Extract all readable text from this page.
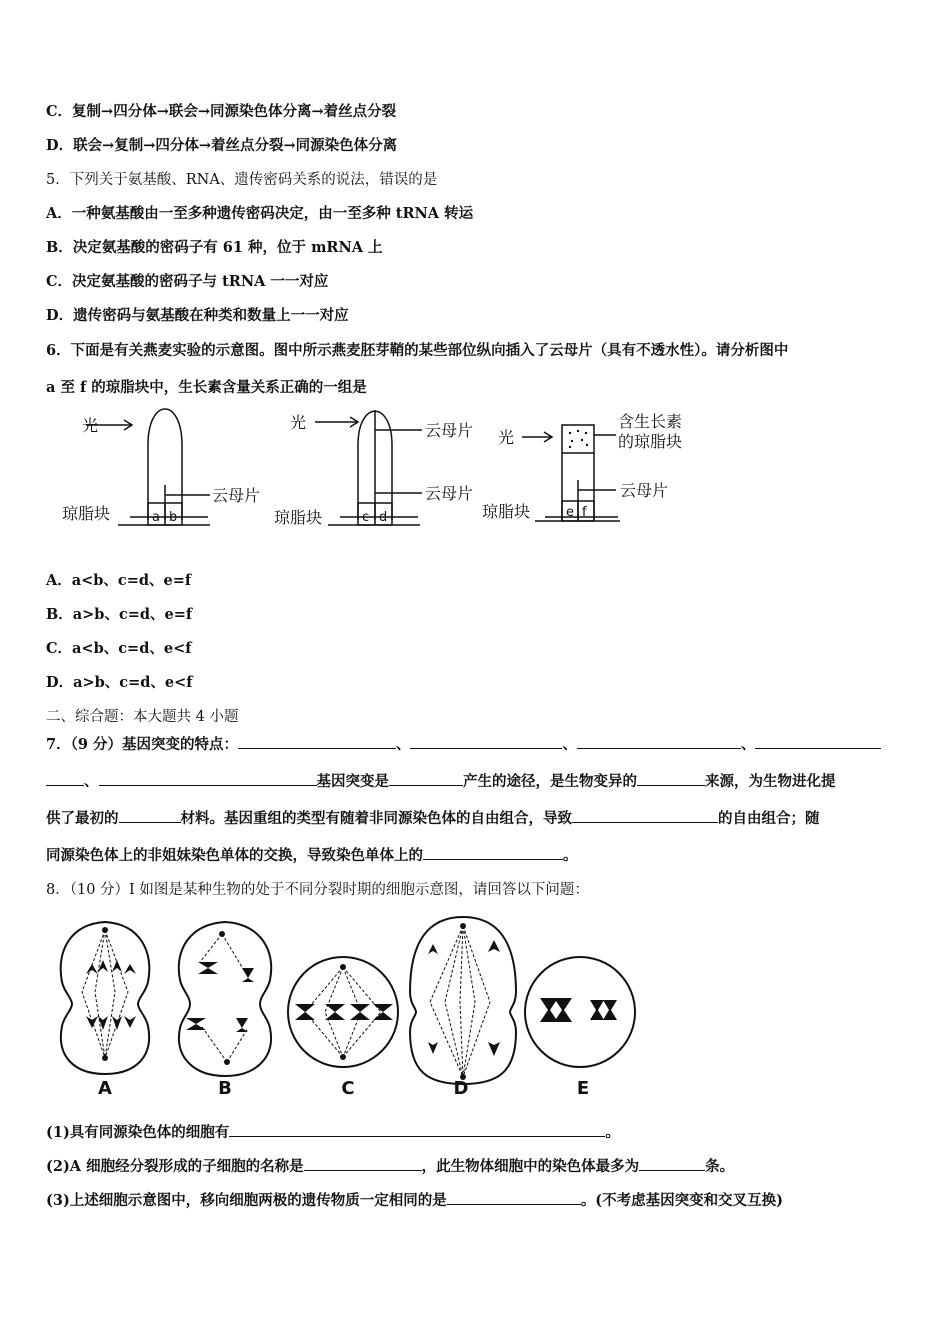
C．复制→四分体→联会→同源染色体分离→着丝点分裂
D．联会→复制→四分体→着丝点分裂→同源染色体分离
5．下列关于氨基酸、RNA、遗传密码关系的说法，错误的是
A．一种氨基酸由一至多种遗传密码决定，由一至多种 tRNA 转运
B．决定氨基酸的密码子有 61 种，位于 mRNA 上
C．决定氨基酸的密码子与 tRNA 一一对应
D．遗传密码与氨基酸在种类和数量上一一对应
6．下面是有关燕麦实验的示意图。图中所示燕麦胚芽鞘的某些部位纵向插入了云母片（具有不透水性）。请分析图中
a 至 f 的琼脂块中，生长素含量关系正确的一组是
光
云母片
琼脂块	a b
光	云母片
云母片
琼脂块	c d
光
含生长素
的琼脂块
云母片
琼脂块	e f
A．a<b、c=d、e=f
B．a>b、c=d、e=f
C．a<b、c=d、e<f
D．a>b、c=d、e<f
二、综合题：本大题共 4 小题
7．（9 分）基因突变的特点：	、	、	、
、	基因突变是	产生的途径，是生物变异的	来源，为生物进化提
供了最初的	材料。基因重组的类型有随着非同源染色体的自由组合，导致	的自由组合；随
同源染色体上的非姐妹染色单体的交换，导致染色单体上的	。
8．（10 分）I 如图是某种生物的处于不同分裂时期的细胞示意图，请回答以下问题：
A	B	C	D	E
(1)具有同源染色体的细胞有	。
(2)A 细胞经分裂形成的子细胞的名称是	，此生物体细胞中的染色体最多为	条。
(3)上述细胞示意图中，移向细胞两极的遗传物质一定相同的是	。(不考虑基因突变和交叉互换)
